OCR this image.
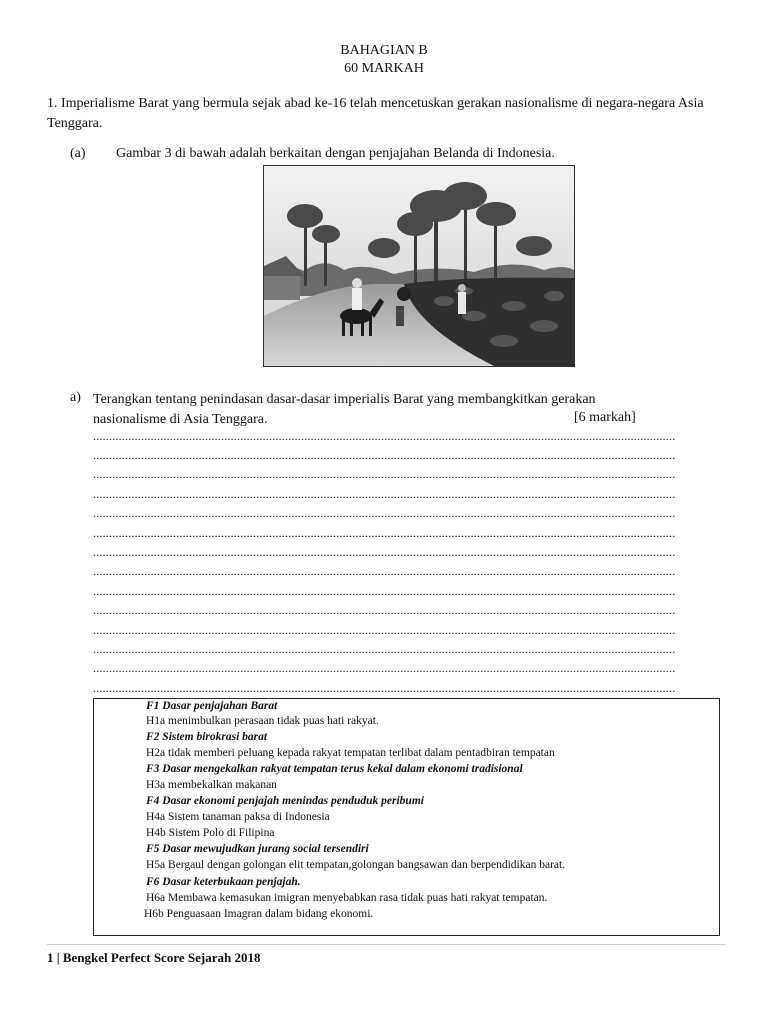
BAHAGIAN B
60 MARKAH
1. Imperialisme Barat yang bermula sejak abad ke-16 telah mencetuskan gerakan nasionalisme di negara-negara Asia Tenggara.
(a) Gambar 3 di bawah adalah berkaitan dengan penjajahan Belanda di Indonesia.
a) Terangkan tentang penindasan dasar-dasar imperialis Barat yang membangkitkan gerakan nasionalisme di Asia Tenggara.	[6 markah]
......................................................................................................................................................................................
......................................................................................................................................................................................
......................................................................................................................................................................................
......................................................................................................................................................................................
......................................................................................................................................................................................
......................................................................................................................................................................................
......................................................................................................................................................................................
......................................................................................................................................................................................
......................................................................................................................................................................................
......................................................................................................................................................................................
......................................................................................................................................................................................
......................................................................................................................................................................................
......................................................................................................................................................................................
......................................................................................................................................................................................
F1 Dasar penjajahan Barat
H1a menimbulkan perasaan tidak puas hati rakyat.
F2 Sistem birokrasi barat
H2a tidak memberi peluang kepada rakyat tempatan terlibat dalam pentadbiran tempatan
F3 Dasar mengekalkan rakyat tempatan terus kekal dalam ekonomi tradisional
H3a membekalkan makanan
F4 Dasar ekonomi penjajah menindas penduduk peribumi
H4a Sistem tanaman paksa di Indonesia
H4b Sistem Polo di Filipina
F5 Dasar mewujudkan jurang social tersendiri
H5a Bergaul dengan golongan elit tempatan,golongan bangsawan dan berpendidikan barat.
F6 Dasar keterbukaan penjajah.
H6a Membawa kemasukan imigran menyebabkan rasa tidak puas hati rakyat tempatan.
H6b Penguasaan Imagran dalam bidang ekonomi.
1 | Bengkel Perfect Score Sejarah 2018
